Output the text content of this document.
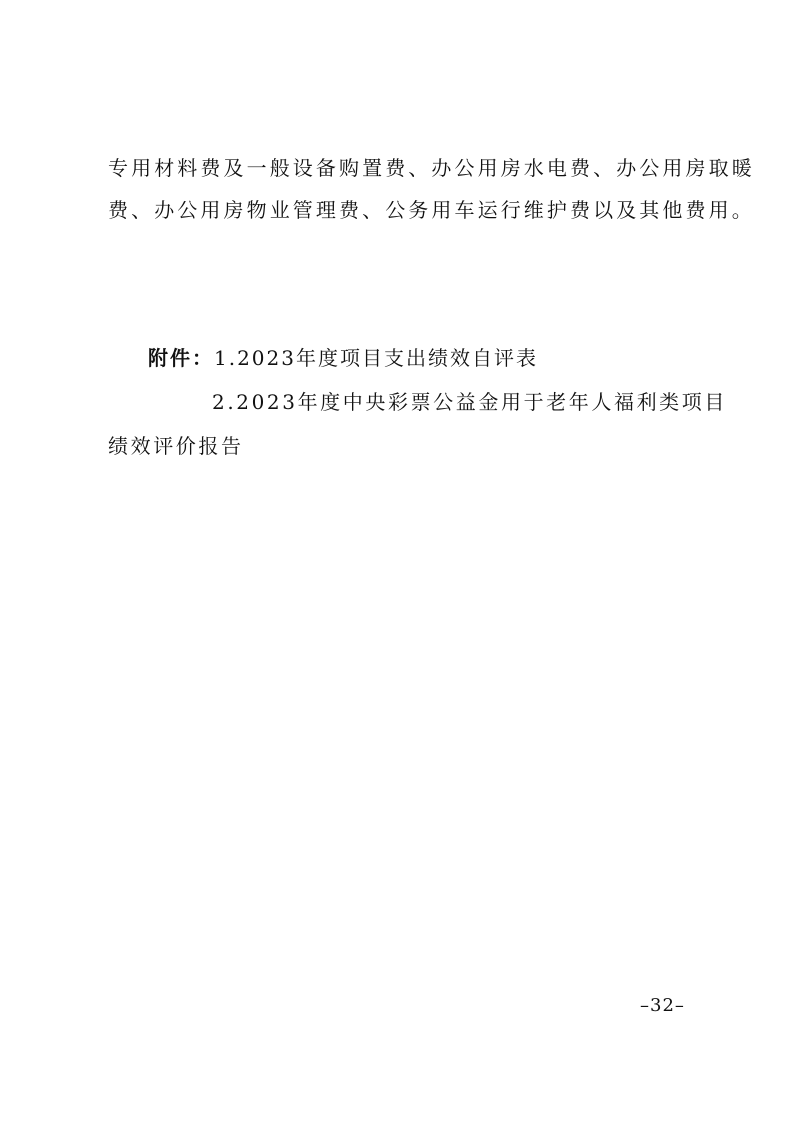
专用材料费及一般设备购置费、办公用房水电费、办公用房取暖
费、办公用房物业管理费、公务用车运行维护费以及其他费用。
附件：1.2023年度项目支出绩效自评表
2.2023年度中央彩票公益金用于老年人福利类项目
绩效评价报告
–32–
